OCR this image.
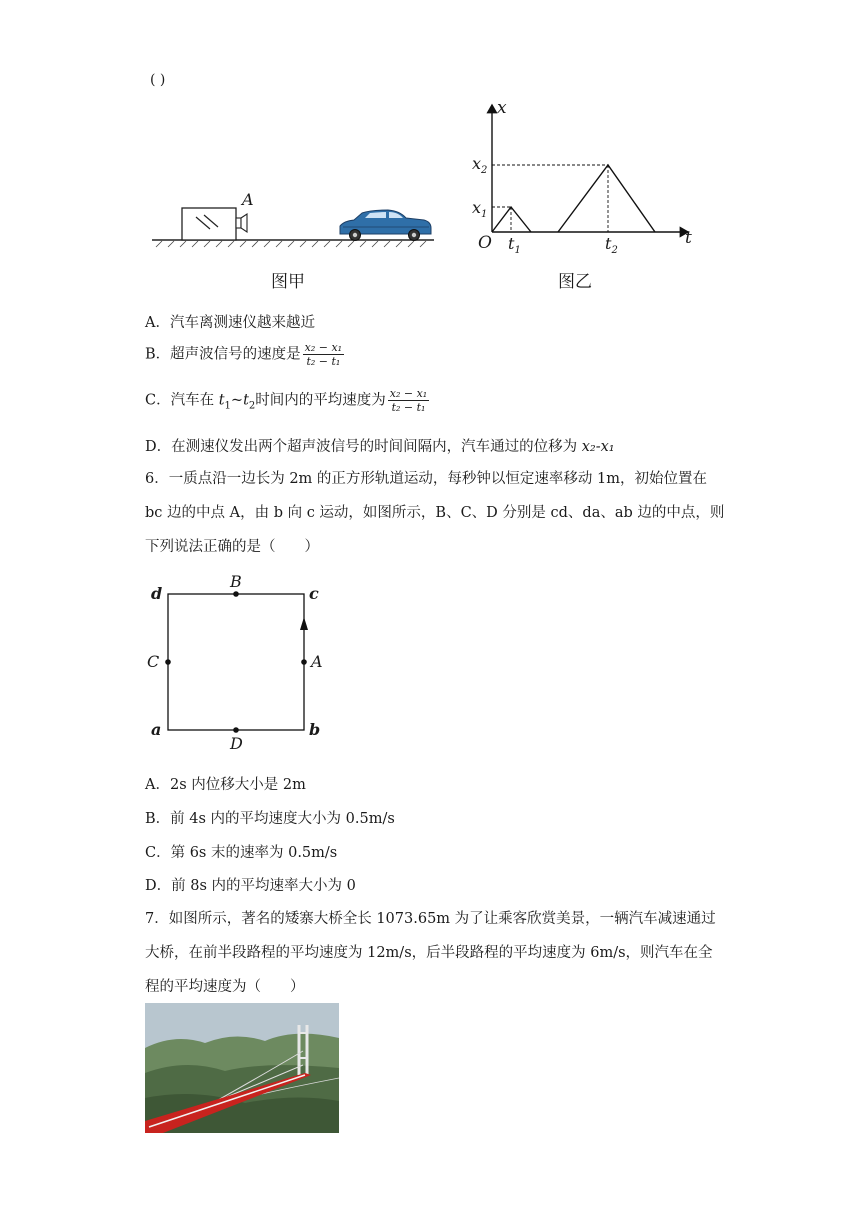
( )
A
图甲
x
t
O
$x_2$
$x_1$
$t_1$	$t_2$
图乙
A．汽车离测速仪越来越近
B．超声波信号的速度是 $\frac{\text{x₂ − x₁}}{\text{t₂ − t₁}}$
C．汽车在 $t_1\sim t_2$时间内的平均速度为 $\frac{\text{x₂ − x₁}}{\text{t₂ − t₁}}$
D．在测速仪发出两个超声波信号的时间间隔内，汽车通过的位移为 x₂-x₁
6．一质点沿一边长为 2m 的正方形轨道运动，每秒钟以恒定速率移动 1m，初始位置在
bc 边的中点 A，由 b 向 c 运动，如图所示，B、C、D 分别是 cd、da、ab 边的中点，则
下列说法正确的是（　　）
d	c
a	b
B
C	A
D
A．2s 内位移大小是 2m
B．前 4s 内的平均速度大小为 0.5m/s
C．第 6s 末的速率为 0.5m/s
D．前 8s 内的平均速率大小为 0
7．如图所示，著名的矮寨大桥全长 1073.65m 为了让乘客欣赏美景，一辆汽车减速通过
大桥，在前半段路程的平均速度为 12m/s，后半段路程的平均速度为 6m/s，则汽车在全
程的平均速度为（　　）
